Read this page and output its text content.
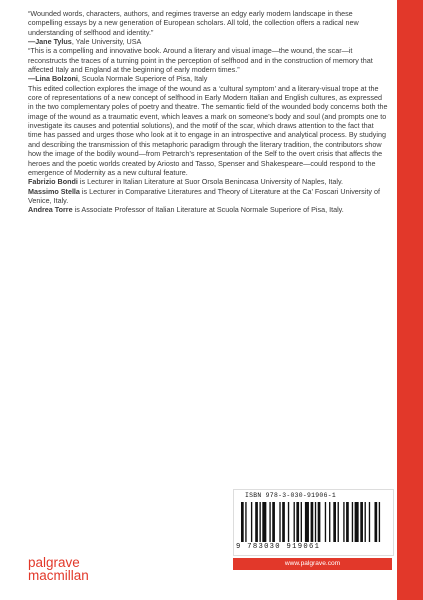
“Wounded words, characters, authors, and regimes traverse an edgy early modern landscape in these compelling essays by a new generation of European scholars. All told, the collection offers a radical new understanding of selfhood and identity.”

—Jane Tylus, Yale University, USA

“This is a compelling and innovative book. Around a literary and visual image—the wound, the scar—it reconstructs the traces of a turning point in the perception of selfhood and in the construction of memory that affected Italy and England at the beginning of early modern times.”

—Lina Bolzoni, Scuola Normale Superiore of Pisa, Italy

This edited collection explores the image of the wound as a ‘cultural symptom’ and a literary-visual trope at the core of representations of a new concept of selfhood in Early Modern Italian and English cultures, as expressed in the two complementary poles of poetry and theatre. The semantic field of the wounded body concerns both the image of the wound as a traumatic event, which leaves a mark on someone’s body and soul (and prompts one to investigate its causes and potential solutions), and the motif of the scar, which draws attention to the fact that time has passed and urges those who look at it to engage in an introspective and analytical process. By studying and describing the transmission of this metaphoric paradigm through the literary tradition, the contributors show how the image of the bodily wound—from Petrarch’s representation of the Self to the overt crisis that affects the heroes and the poetic worlds created by Ariosto and Tasso, Spenser and Shakespeare—could respond to the emergence of Modernity as a new cultural feature.

Fabrizio Bondi is Lecturer in Italian Literature at Suor Orsola Benincasa University of Naples, Italy.

Massimo Stella is Lecturer in Comparative Literatures and Theory of Literature at the Ca’ Foscari University of Venice, Italy.

Andrea Torre is Associate Professor of Italian Literature at Scuola Normale Superiore of Pisa, Italy.

ISBN 978-3-030-91906-1
9 783030 919061
www.palgrave.com
palgrave
macmillan
